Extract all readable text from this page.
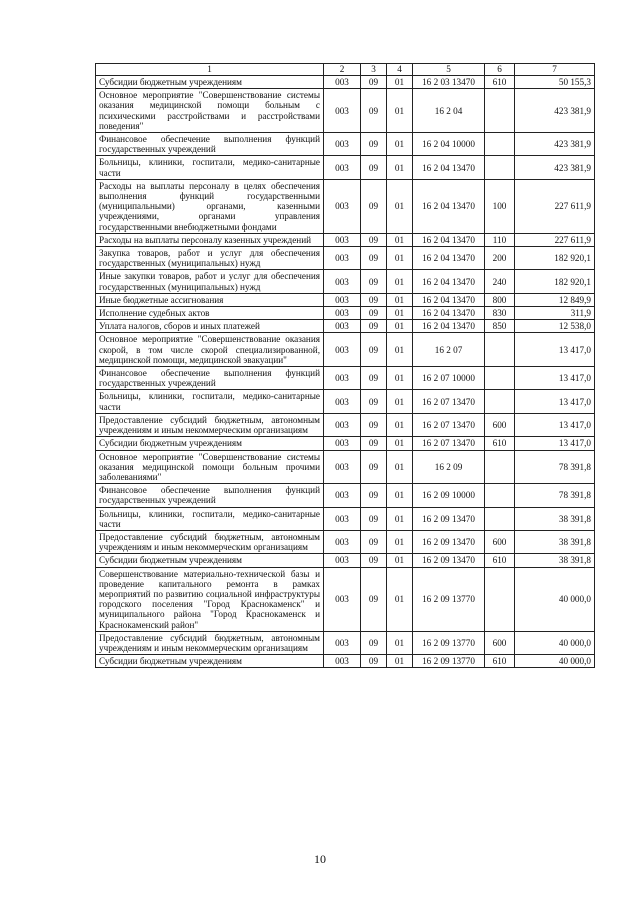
1	2	3	4	5	6	7
Субсидии бюджетным учреждениям	003	09	01	16 2 03 13470	610	50 155,3
Основное мероприятие "Совершенствование системы оказания медицинской помощи больным с психическими расстройствами и расстройствами поведения"	003	09	01	16 2 04		423 381,9
Финансовое обеспечение выполнения функций государственных учреждений	003	09	01	16 2 04 10000		423 381,9
Больницы, клиники, госпитали, медико-санитарные части	003	09	01	16 2 04 13470		423 381,9
Расходы на выплаты персоналу в целях обеспечения выполнения функций государственными (муниципальными) органами, казенными учреждениями, органами управления государственными внебюджетными фондами	003	09	01	16 2 04 13470	100	227 611,9
Расходы на выплаты персоналу казенных учреждений	003	09	01	16 2 04 13470	110	227 611,9
Закупка товаров, работ и услуг для обеспечения государственных (муниципальных) нужд	003	09	01	16 2 04 13470	200	182 920,1
Иные закупки товаров, работ и услуг для обеспечения государственных (муниципальных) нужд	003	09	01	16 2 04 13470	240	182 920,1
Иные бюджетные ассигнования	003	09	01	16 2 04 13470	800	12 849,9
Исполнение судебных актов	003	09	01	16 2 04 13470	830	311,9
Уплата налогов, сборов и иных платежей	003	09	01	16 2 04 13470	850	12 538,0
Основное мероприятие "Совершенствование оказания скорой, в том числе скорой специализированной, медицинской помощи, медицинской эвакуации"	003	09	01	16 2 07		13 417,0
Финансовое обеспечение выполнения функций государственных учреждений	003	09	01	16 2 07 10000		13 417,0
Больницы, клиники, госпитали, медико-санитарные части	003	09	01	16 2 07 13470		13 417,0
Предоставление субсидий бюджетным, автономным учреждениям и иным некоммерческим организациям	003	09	01	16 2 07 13470	600	13 417,0
Субсидии бюджетным учреждениям	003	09	01	16 2 07 13470	610	13 417,0
Основное мероприятие "Совершенствование системы оказания медицинской помощи больным прочими заболеваниями"	003	09	01	16 2 09		78 391,8
Финансовое обеспечение выполнения функций государственных учреждений	003	09	01	16 2 09 10000		78 391,8
Больницы, клиники, госпитали, медико-санитарные части	003	09	01	16 2 09 13470		38 391,8
Предоставление субсидий бюджетным, автономным учреждениям и иным некоммерческим организациям	003	09	01	16 2 09 13470	600	38 391,8
Субсидии бюджетным учреждениям	003	09	01	16 2 09 13470	610	38 391,8
Совершенствование материально-технической базы и проведение капитального ремонта в рамках мероприятий по развитию социальной инфраструктуры городского поселения "Город Краснокаменск" и муниципального района "Город Краснокаменск и Краснокаменский район"	003	09	01	16 2 09 13770		40 000,0
Предоставление субсидий бюджетным, автономным учреждениям и иным некоммерческим организациям	003	09	01	16 2 09 13770	600	40 000,0
Субсидии бюджетным учреждениям	003	09	01	16 2 09 13770	610	40 000,0
10
